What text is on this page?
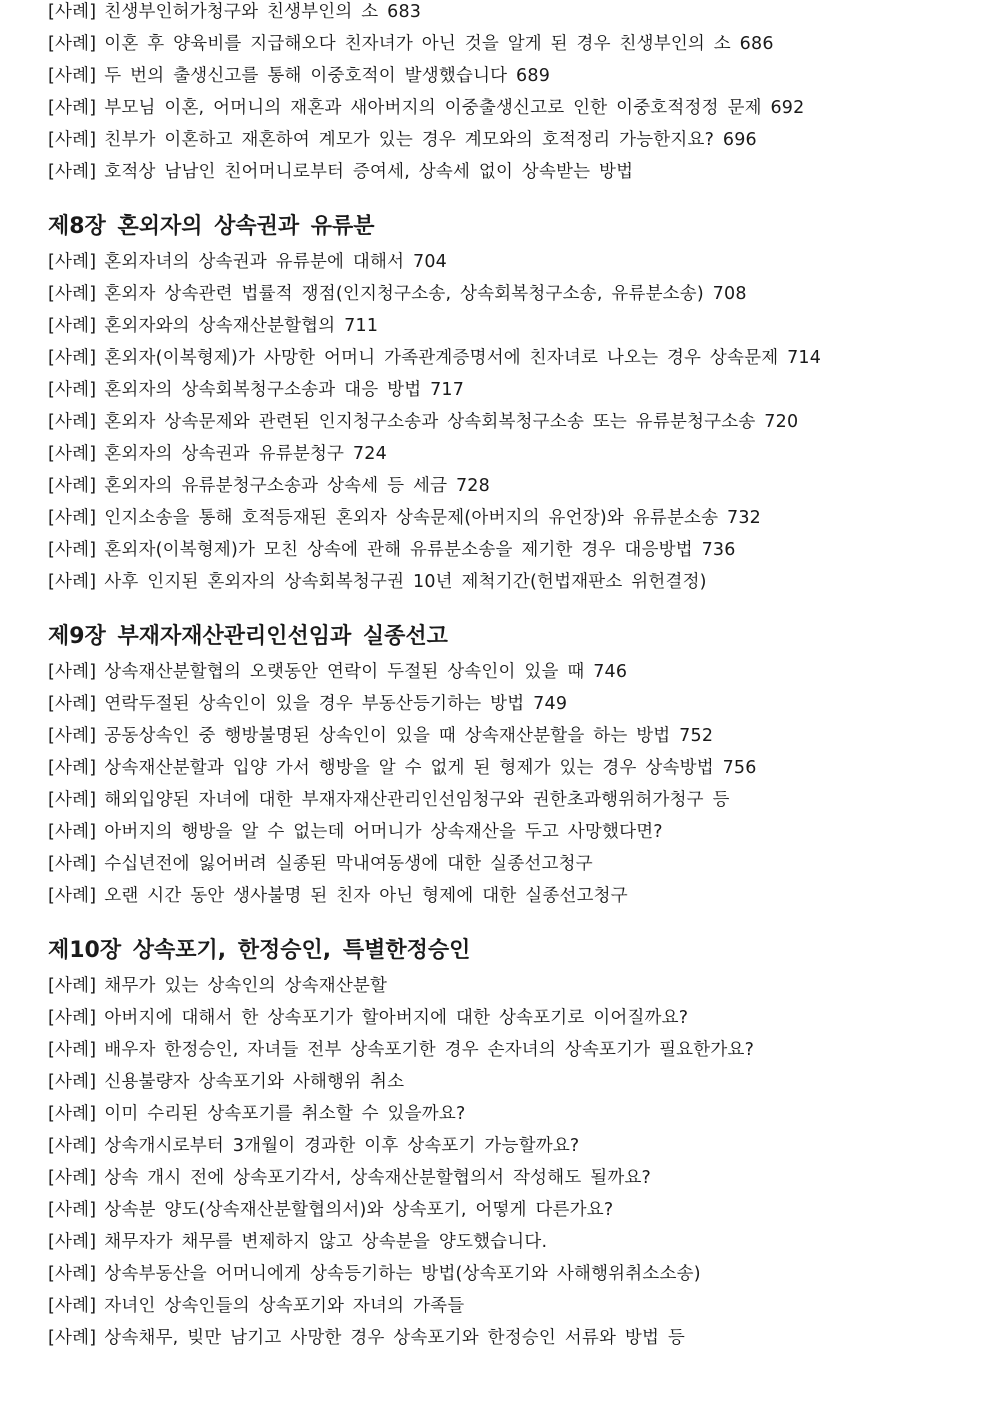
[사례] 친생부인허가청구와 친생부인의 소 683
[사례] 이혼 후 양육비를 지급해오다 친자녀가 아닌 것을 알게 된 경우 친생부인의 소 686
[사례] 두 번의 출생신고를 통해 이중호적이 발생했습니다 689
[사례] 부모님 이혼, 어머니의 재혼과 새아버지의 이중출생신고로 인한 이중호적정정 문제 692
[사례] 친부가 이혼하고 재혼하여 계모가 있는 경우 계모와의 호적정리 가능한지요? 696
[사례] 호적상 남남인 친어머니로부터 증여세, 상속세 없이 상속받는 방법
제8장 혼외자의 상속권과 유류분
[사례] 혼외자녀의 상속권과 유류분에 대해서 704
[사례] 혼외자 상속관련 법률적 쟁점(인지청구소송, 상속회복청구소송, 유류분소송) 708
[사례] 혼외자와의 상속재산분할협의 711
[사례] 혼외자(이복형제)가 사망한 어머니 가족관계증명서에 친자녀로 나오는 경우 상속문제 714
[사례] 혼외자의 상속회복청구소송과 대응 방법 717
[사례] 혼외자 상속문제와 관련된 인지청구소송과 상속회복청구소송 또는 유류분청구소송 720
[사례] 혼외자의 상속권과 유류분청구 724
[사례] 혼외자의 유류분청구소송과 상속세 등 세금 728
[사례] 인지소송을 통해 호적등재된 혼외자 상속문제(아버지의 유언장)와 유류분소송 732
[사례] 혼외자(이복형제)가 모친 상속에 관해 유류분소송을 제기한 경우 대응방법 736
[사례] 사후 인지된 혼외자의 상속회복청구권 10년 제척기간(헌법재판소 위헌결정)
제9장 부재자재산관리인선임과 실종선고
[사례] 상속재산분할협의 오랫동안 연락이 두절된 상속인이 있을 때 746
[사례] 연락두절된 상속인이 있을 경우 부동산등기하는 방법 749
[사례] 공동상속인 중 행방불명된 상속인이 있을 때 상속재산분할을 하는 방법 752
[사례] 상속재산분할과 입양 가서 행방을 알 수 없게 된 형제가 있는 경우 상속방법 756
[사례] 해외입양된 자녀에 대한 부재자재산관리인선임청구와 권한초과행위허가청구 등
[사례] 아버지의 행방을 알 수 없는데 어머니가 상속재산을 두고 사망했다면?
[사례] 수십년전에 잃어버려 실종된 막내여동생에 대한 실종선고청구
[사례] 오랜 시간 동안 생사불명 된 친자 아닌 형제에 대한 실종선고청구
제10장 상속포기, 한정승인, 특별한정승인
[사례] 채무가 있는 상속인의 상속재산분할
[사례] 아버지에 대해서 한 상속포기가 할아버지에 대한 상속포기로 이어질까요?
[사례] 배우자 한정승인, 자녀들 전부 상속포기한 경우 손자녀의 상속포기가 필요한가요?
[사례] 신용불량자 상속포기와 사해행위 취소
[사례] 이미 수리된 상속포기를 취소할 수 있을까요?
[사례] 상속개시로부터 3개월이 경과한 이후 상속포기 가능할까요?
[사례] 상속 개시 전에 상속포기각서, 상속재산분할협의서 작성해도 될까요?
[사례] 상속분 양도(상속재산분할협의서)와 상속포기, 어떻게 다른가요?
[사례] 채무자가 채무를 변제하지 않고 상속분을 양도했습니다.
[사례] 상속부동산을 어머니에게 상속등기하는 방법(상속포기와 사해행위취소소송)
[사례] 자녀인 상속인들의 상속포기와 자녀의 가족들
[사례] 상속채무, 빚만 남기고 사망한 경우 상속포기와 한정승인 서류와 방법 등
